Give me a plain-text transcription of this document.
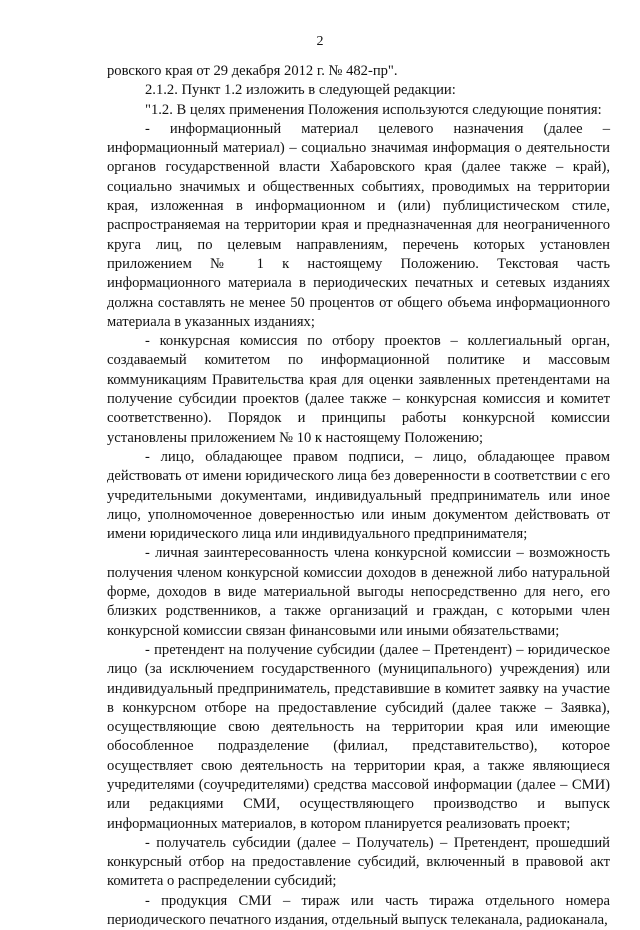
2

ровского края от 29 декабря 2012 г. № 482-пр".

2.1.2. Пункт 1.2 изложить в следующей редакции:

"1.2. В целях применения Положения используются следующие понятия:

- информационный материал целевого назначения (далее – информационный материал) – социально значимая информация о деятельности органов государственной власти Хабаровского края (далее также – край), социально значимых и общественных событиях, проводимых на территории края, изложенная в информационном и (или) публицистическом стиле, распространяемая на территории края и предназначенная для неограниченного круга лиц, по целевым направлениям, перечень которых установлен приложением № 1 к настоящему Положению. Текстовая часть информационного материала в периодических печатных и сетевых изданиях должна составлять не менее 50 процентов от общего объема информационного материала в указанных изданиях;

- конкурсная комиссия по отбору проектов – коллегиальный орган, создаваемый комитетом по информационной политике и массовым коммуникациям Правительства края для оценки заявленных претендентами на получение субсидии проектов (далее также – конкурсная комиссия и комитет соответственно). Порядок и принципы работы конкурсной комиссии установлены приложением № 10 к настоящему Положению;

- лицо, обладающее правом подписи, – лицо, обладающее правом действовать от имени юридического лица без доверенности в соответствии с его учредительными документами, индивидуальный предприниматель или иное лицо, уполномоченное доверенностью или иным документом действовать от имени юридического лица или индивидуального предпринимателя;

- личная заинтересованность члена конкурсной комиссии – возможность получения членом конкурсной комиссии доходов в денежной либо натуральной форме, доходов в виде материальной выгоды непосредственно для него, его близких родственников, а также организаций и граждан, с которыми член конкурсной комиссии связан финансовыми или иными обязательствами;

- претендент на получение субсидии (далее – Претендент) – юридическое лицо (за исключением государственного (муниципального) учреждения) или индивидуальный предприниматель, представившие в комитет заявку на участие в конкурсном отборе на предоставление субсидий (далее также – Заявка), осуществляющие свою деятельность на территории края или имеющие обособленное подразделение (филиал, представительство), которое осуществляет свою деятельность на территории края, а также являющиеся учредителями (соучредителями) средства массовой информации (далее – СМИ) или редакциями СМИ, осуществляющего производство и выпуск информационных материалов, в котором планируется реализовать проект;

- получатель субсидии (далее – Получатель) – Претендент, прошедший конкурсный отбор на предоставление субсидий, включенный в правовой акт комитета о распределении субсидий;

- продукция СМИ – тираж или часть тиража отдельного номера периодического печатного издания, отдельный выпуск телеканала, радиоканала,
